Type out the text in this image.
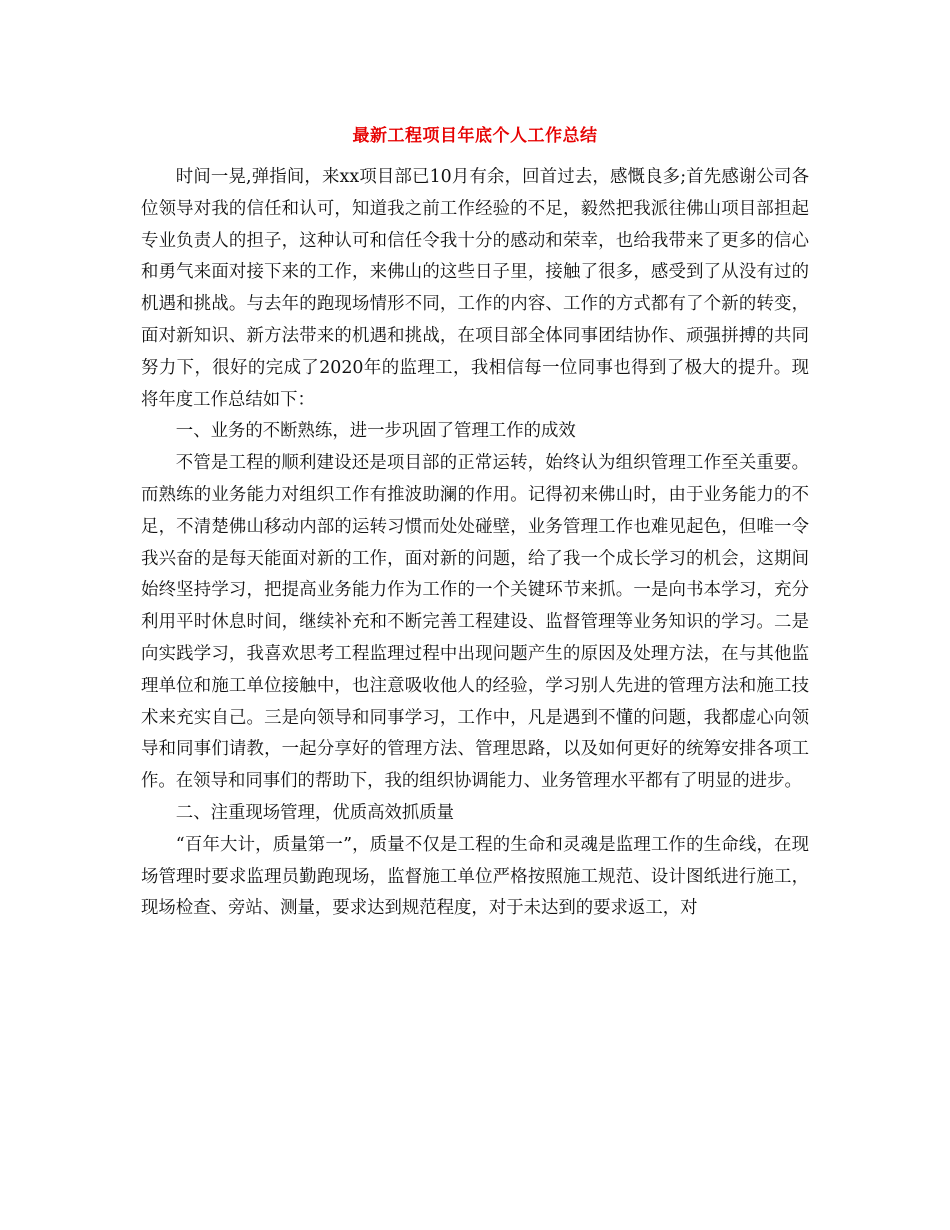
最新工程项目年底个人工作总结

时间一晃,弹指间，来xx项目部已10月有余，回首过去，感慨良多;首先感谢公司各位领导对我的信任和认可，知道我之前工作经验的不足，毅然把我派往佛山项目部担起专业负责人的担子，这种认可和信任令我十分的感动和荣幸，也给我带来了更多的信心和勇气来面对接下来的工作，来佛山的这些日子里，接触了很多，感受到了从没有过的机遇和挑战。与去年的跑现场情形不同，工作的内容、工作的方式都有了个新的转变，面对新知识、新方法带来的机遇和挑战，在项目部全体同事团结协作、顽强拼搏的共同努力下，很好的完成了2020年的监理工，我相信每一位同事也得到了极大的提升。现将年度工作总结如下：

一、业务的不断熟练，进一步巩固了管理工作的成效

不管是工程的顺利建设还是项目部的正常运转，始终认为组织管理工作至关重要。而熟练的业务能力对组织工作有推波助澜的作用。记得初来佛山时，由于业务能力的不足，不清楚佛山移动内部的运转习惯而处处碰壁，业务管理工作也难见起色，但唯一令我兴奋的是每天能面对新的工作，面对新的问题，给了我一个成长学习的机会，这期间始终坚持学习，把提高业务能力作为工作的一个关键环节来抓。一是向书本学习，充分利用平时休息时间，继续补充和不断完善工程建设、监督管理等业务知识的学习。二是向实践学习，我喜欢思考工程监理过程中出现问题产生的原因及处理方法，在与其他监理单位和施工单位接触中，也注意吸收他人的经验，学习别人先进的管理方法和施工技术来充实自己。三是向领导和同事学习，工作中，凡是遇到不懂的问题，我都虚心向领导和同事们请教，一起分享好的管理方法、管理思路，以及如何更好的统筹安排各项工作。在领导和同事们的帮助下，我的组织协调能力、业务管理水平都有了明显的进步。

二、注重现场管理，优质高效抓质量

“百年大计，质量第一”，质量不仅是工程的生命和灵魂是监理工作的生命线，在现场管理时要求监理员勤跑现场，监督施工单位严格按照施工规范、设计图纸进行施工，现场检查、旁站、测量，要求达到规范程度，对于未达到的要求返工，对
